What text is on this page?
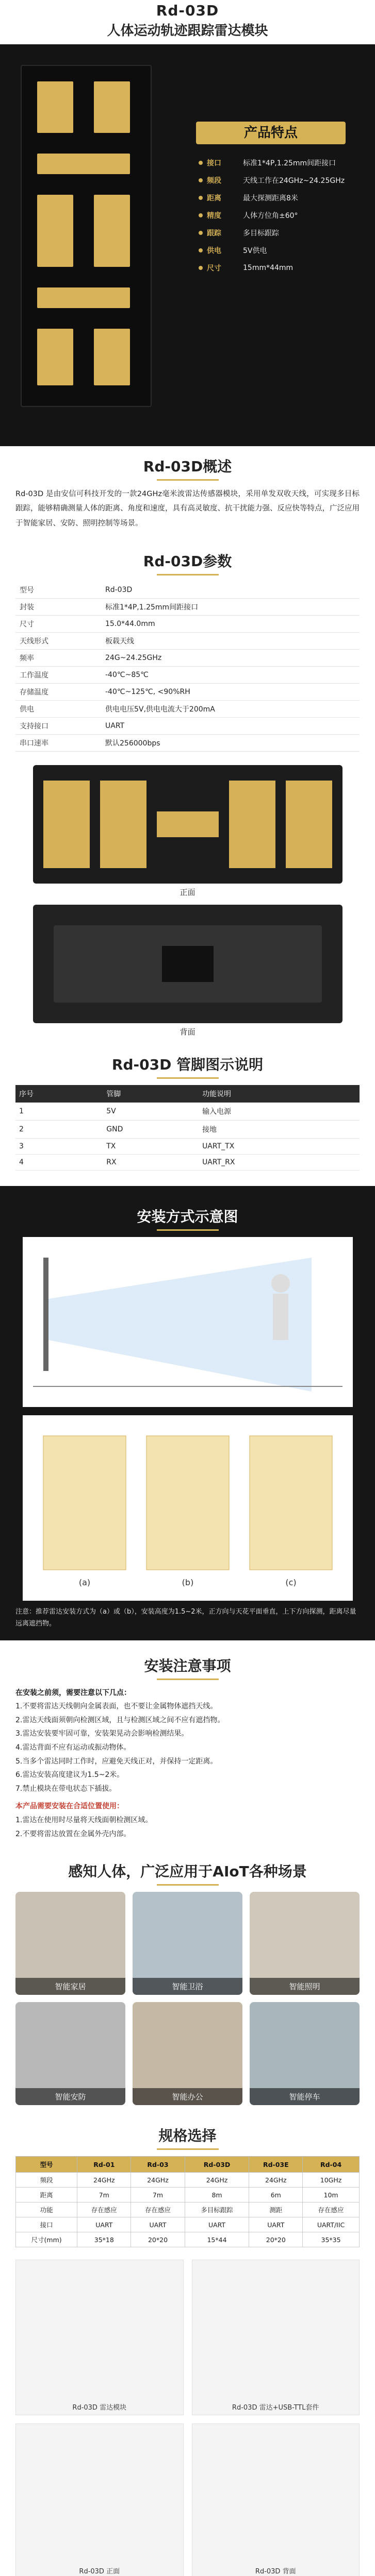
Rd-03D
人体运动轨迹跟踪雷达模块
产品特点
接口	标准1*4P,1.25mm间距接口
频段	天线工作在24GHz~24.25GHz
距离	最大探测距离8米
精度	人体方位角±60°
跟踪	多目标跟踪
供电	5V供电
尺寸	15mm*44mm
Rd-03D概述
Rd-03D 是由安信可科技开发的一款24GHz毫米波雷达传感器模块，采用单发双收天线，可实现多目标跟踪，能够精确测量人体的距离、角度和速度，具有高灵敏度、抗干扰能力强、反应快等特点，广泛应用于智能家居、安防、照明控制等场景。
Rd-03D参数
型号	Rd-03D
封装	标准1*4P,1.25mm间距接口
尺寸	15.0*44.0mm
天线形式	板载天线
频率	24G~24.25GHz
工作温度	-40℃~85℃
存储温度	-40℃~125℃, <90%RH
供电	供电电压5V,供电电流大于200mA
支持接口	UART
串口速率	默认256000bps
正面
背面
Rd-03D 管脚图示说明
序号	管脚	功能说明
1	5V	输入电源
2	GND	接地
3	TX	UART_TX
4	RX	UART_RX
安装方式示意图
(a)	(b)	(c)
注意：推荐雷达安装方式为（a）或（b），安装高度为1.5~2米，正方向与天花平面垂直，上下方向探测，距离尽量远离遮挡物。
安装注意事项
在安装之前须，需要注意以下几点：
1.不要将雷达天线朝向金属表面，也不要让金属物体遮挡天线。
2.雷达天线面须朝向检测区域，且与检测区域之间不应有遮挡物。
3.雷达安装要牢固可靠，安装架晃动会影响检测结果。
4.雷达背面不应有运动或振动物体。
5.当多个雷达同时工作时，应避免天线正对，并保持一定距离。
6.雷达安装高度建议为1.5~2米。
7.禁止模块在带电状态下插拔。
本产品需要安装在合适位置使用：
1.雷达在使用时尽量将天线面朝检测区域。
2.不要将雷达放置在金属外壳内部。
感知人体，广泛应用于AIoT各种场景
智能家居	智能卫浴	智能照明
智能安防	智能办公	智能停车
规格选择
型号	Rd-01	Rd-03	Rd-03D	Rd-03E	Rd-04
频段	24GHz	24GHz	24GHz	24GHz	10GHz
距离	7m	7m	8m	6m	10m
功能	存在感应	存在感应	多目标跟踪	测距	存在感应
接口	UART	UART	UART	UART	UART/IIC
尺寸(mm)	35*18	20*20	15*44	20*20	35*35
Rd-03D 雷达模块	Rd-03D 雷达+USB-TTL套件
Rd-03D 正面	Rd-03D 背面
